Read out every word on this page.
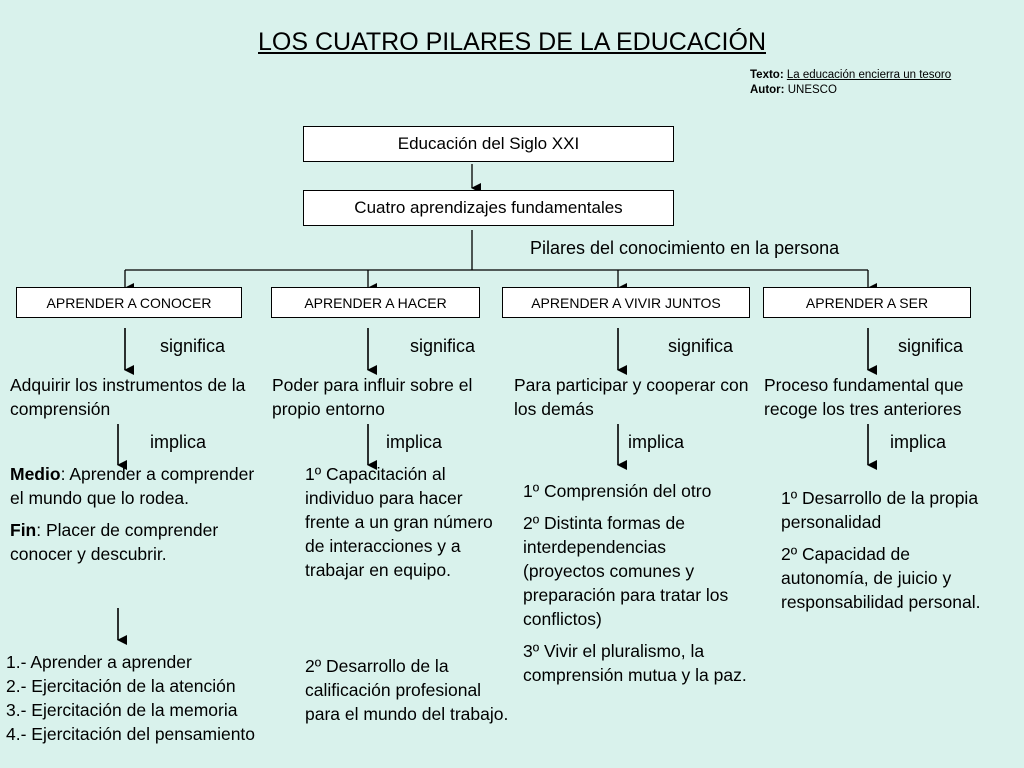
LOS CUATRO PILARES DE LA EDUCACIÓN
Texto: La educación encierra un tesoro
Autor: UNESCO
Educación del Siglo XXI
Cuatro aprendizajes fundamentales
Pilares del conocimiento en la persona
APRENDER A CONOCER	APRENDER A HACER	APRENDER A VIVIR JUNTOS	APRENDER A SER
significa	significa	significa	significa
Adquirir los instrumentos de la comprensión
Poder para influir sobre el propio entorno
Para participar y cooperar con los demás
Proceso fundamental que recoge los tres anteriores
implica	implica	implica	implica

Medio: Aprender a comprender el mundo que lo rodea.

Fin: Placer de comprender conocer y descubrir.

1.- Aprender a aprender

2.- Ejercitación de la atención

3.- Ejercitación de la memoria

4.- Ejercitación del pensamiento

1º Capacitación al individuo para hacer frente a un gran número de interacciones y a trabajar en equipo.
2º Desarrollo de la calificación profesional para el mundo del trabajo.

1º Comprensión del otro

2º Distinta formas de interdependencias (proyectos comunes y preparación para tratar los conflictos)

3º Vivir el pluralismo, la comprensión mutua y la paz.

1º Desarrollo de la propia personalidad

2º Capacidad de autonomía, de juicio y responsabilidad personal.
